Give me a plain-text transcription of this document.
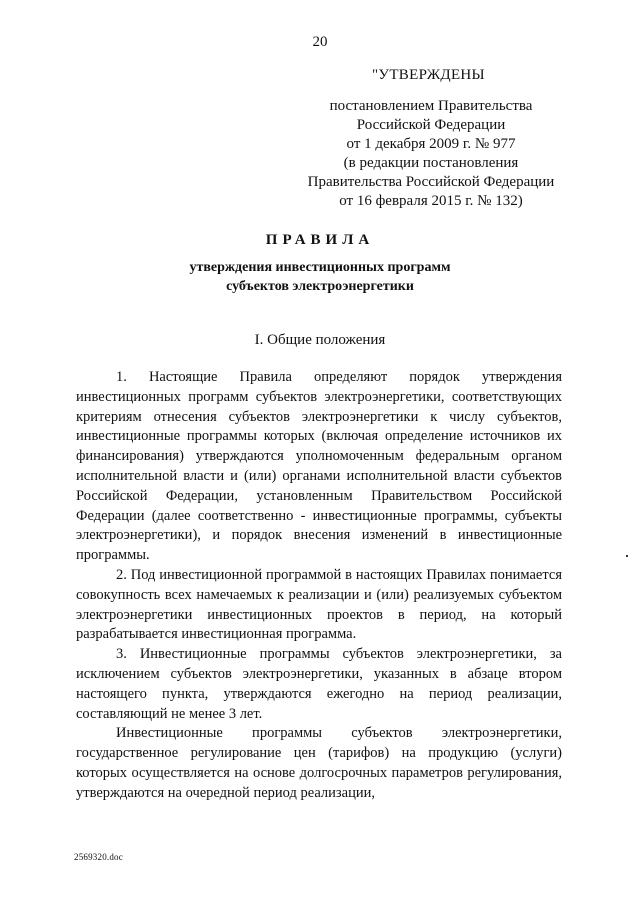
20
"УТВЕРЖДЕНЫ
постановлением Правительства
Российской Федерации
от 1 декабря 2009 г. № 977
(в редакции постановления
Правительства Российской Федерации
от 16 февраля 2015 г. № 132)
ПРАВИЛА
утверждения инвестиционных программ
субъектов электроэнергетики
I. Общие положения

1. Настоящие Правила определяют порядок утверждения инвестиционных программ субъектов электроэнергетики, соответствующих критериям отнесения субъектов электроэнергетики к числу субъектов, инвестиционные программы которых (включая определение источников их финансирования) утверждаются уполномоченным федеральным органом исполнительной власти и (или) органами исполнительной власти субъектов Российской Федерации, установленным Правительством Российской Федерации (далее соответственно - инвестиционные программы, субъекты электроэнергетики), и порядок внесения изменений в инвестиционные программы.

2. Под инвестиционной программой в настоящих Правилах понимается совокупность всех намечаемых к реализации и (или) реализуемых субъектом электроэнергетики инвестиционных проектов в период, на который разрабатывается инвестиционная программа.

3. Инвестиционные программы субъектов электроэнергетики, за исключением субъектов электроэнергетики, указанных в абзаце втором настоящего пункта, утверждаются ежегодно на период реализации, составляющий не менее 3 лет.

Инвестиционные программы субъектов электроэнергетики, государственное регулирование цен (тарифов) на продукцию (услуги) которых осуществляется на основе долгосрочных параметров регулирования, утверждаются на очередной период реализации,

2569320.doc
